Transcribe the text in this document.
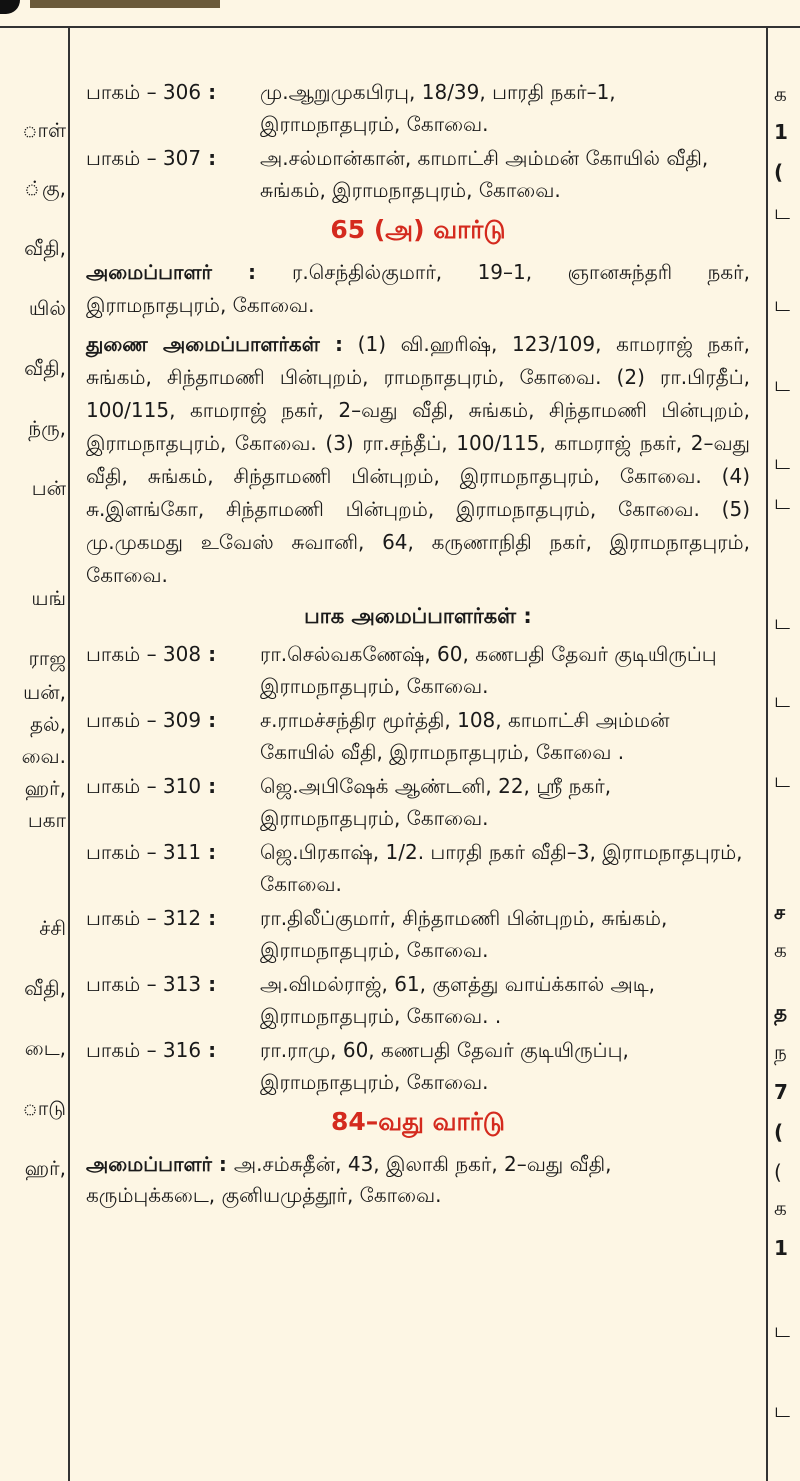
ாள்
்கு,
வீதி,
யில்
வீதி,
ந்ரு,
பன்
யங்
ராஜ
யன்,
தல்,
வை.
ஹர்,
பகா
ச்சி
வீதி,
டை,
ாடு
ஹர்,
க
1
(
ட
ட
ட
ட
ட
ட
ட
ட
ச
க
த
ந
7
(
(
க
1
ட
ட
பாகம் – 306 : மு.ஆறுமுகபிரபு, 18/39, பாரதி நகர்–1, இராமநாதபுரம், கோவை.
பாகம் – 307 : அ.சல்மான்கான், காமாட்சி அம்மன் கோயில் வீதி, சுங்கம், இராமநாதபுரம், கோவை.
65 (அ) வார்டு
அமைப்பாளர் : ர.செந்தில்குமார், 19–1, ஞானசுந்தரி நகர், இராமநாதபுரம், கோவை.
துணை அமைப்பாளர்கள் : (1) வி.ஹரிஷ், 123/109, காமராஜ் நகர், சுங்கம், சிந்தாமணி பின்புறம், ராமநாதபுரம், கோவை. (2) ரா.பிரதீப், 100/115, காமராஜ் நகர், 2–வது வீதி, சுங்கம், சிந்தாமணி பின்புறம், இராமநாதபுரம், கோவை. (3) ரா.சந்தீப், 100/115, காமராஜ் நகர், 2–வது வீதி, சுங்கம், சிந்தாமணி பின்புறம், இராமநாதபுரம், கோவை. (4) சு.இளங்கோ, சிந்தாமணி பின்புறம், இராமநாதபுரம், கோவை. (5) மு.முகமது உவேஸ் சுவானி, 64, கருணாநிதி நகர், இராமநாதபுரம், கோவை.
பாக அமைப்பாளர்கள் :
பாகம் – 308 : ரா.செல்வகணேஷ், 60, கணபதி தேவர் குடியிருப்பு இராமநாதபுரம், கோவை.
பாகம் – 309 : ச.ராமச்சந்திர மூர்த்தி, 108, காமாட்சி அம்மன் கோயில் வீதி, இராமநாதபுரம், கோவை .
பாகம் – 310 : ஜெ.அபிஷேக் ஆண்டனி, 22, ஸ்ரீ நகர், இராமநாதபுரம், கோவை.
பாகம் – 311 : ஜெ.பிரகாஷ், 1/2. பாரதி நகர் வீதி–3, இராமநாதபுரம், கோவை.
பாகம் – 312 : ரா.திலீப்குமார், சிந்தாமணி பின்புறம், சுங்கம், இராமநாதபுரம், கோவை.
பாகம் – 313 : அ.விமல்ராஜ், 61, குளத்து வாய்க்கால் அடி, இராமநாதபுரம், கோவை. .
பாகம் – 316 : ரா.ராமு, 60, கணபதி தேவர் குடியிருப்பு, இராமநாதபுரம், கோவை.
84–வது வார்டு
அமைப்பாளர் : அ.சம்சுதீன், 43, இலாகி நகர், 2–வது வீதி,
கரும்புக்கடை, குனியமுத்தூர், கோவை.
